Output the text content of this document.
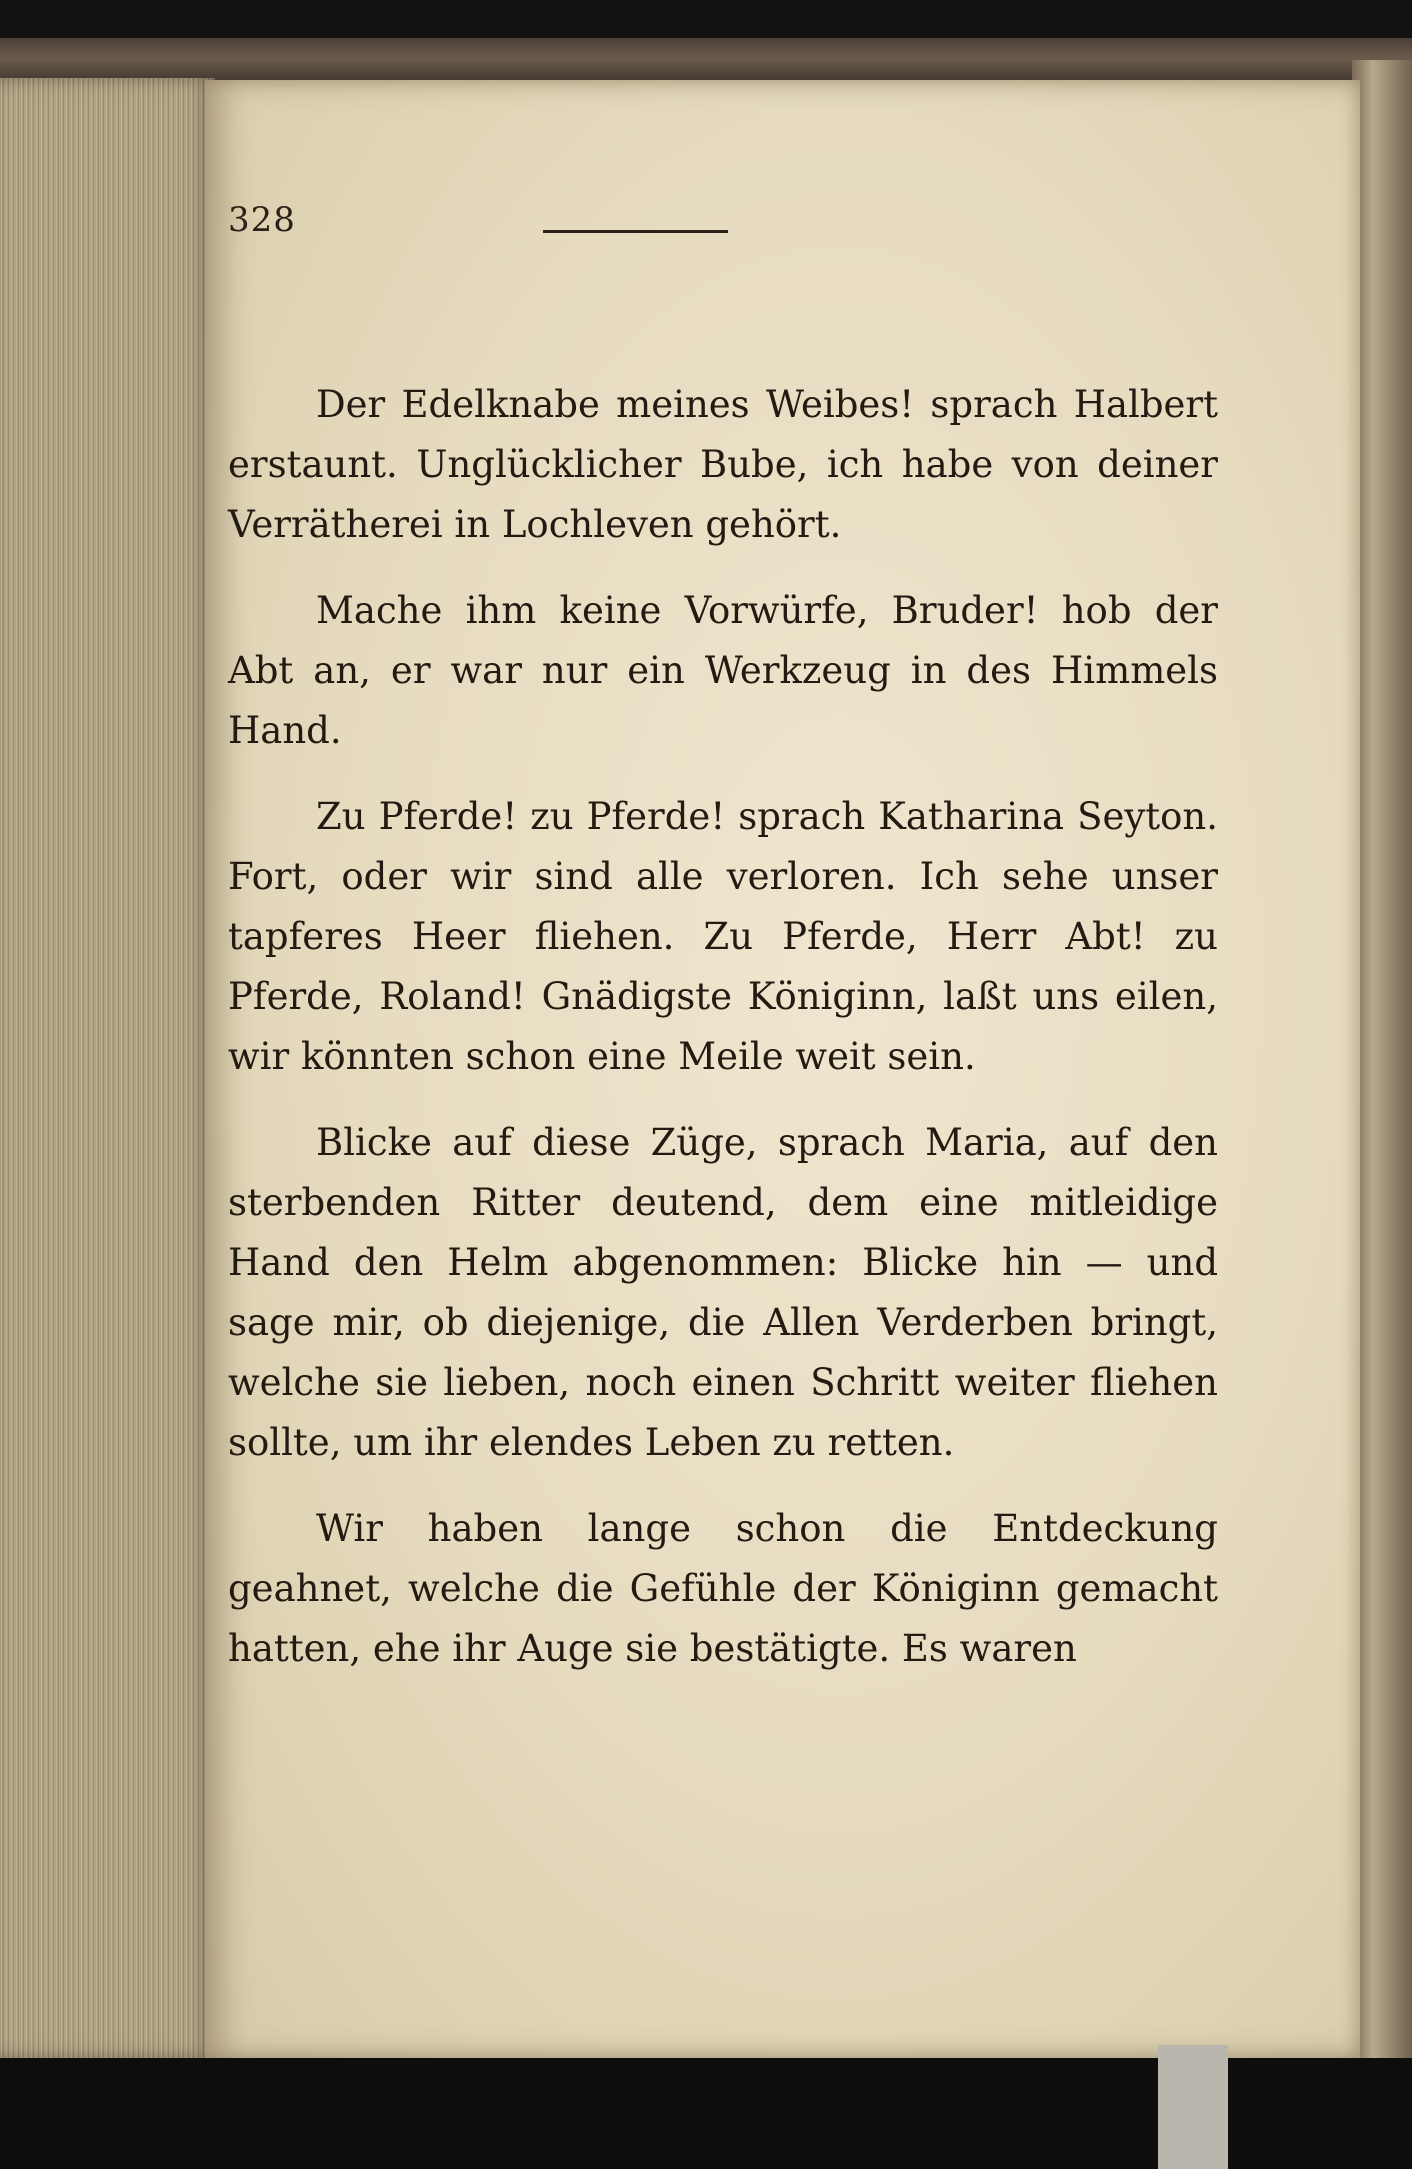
328

Der Edelknabe meines Weibes! sprach Halbert erstaunt. Unglücklicher Bube, ich habe von deiner Verrätherei in Lochleven gehört.

Mache ihm keine Vorwürfe, Bruder! hob der Abt an, er war nur ein Werkzeug in des Himmels Hand.

Zu Pferde! zu Pferde! sprach Katharina Seyton. Fort, oder wir sind alle verloren. Ich sehe unser tapferes Heer fliehen. Zu Pferde, Herr Abt! zu Pferde, Roland! Gnädigste Königinn, laßt uns eilen, wir könnten schon eine Meile weit sein.

Blicke auf diese Züge, sprach Maria, auf den sterbenden Ritter deutend, dem eine mitleidige Hand den Helm abgenommen: Blicke hin — und sage mir, ob diejenige, die Allen Verderben bringt, welche sie lieben, noch einen Schritt weiter fliehen sollte, um ihr elendes Leben zu retten.

Wir haben lange schon die Entdeckung geahnet, welche die Gefühle der Königinn gemacht hatten, ehe ihr Auge sie bestätigte. Es waren
